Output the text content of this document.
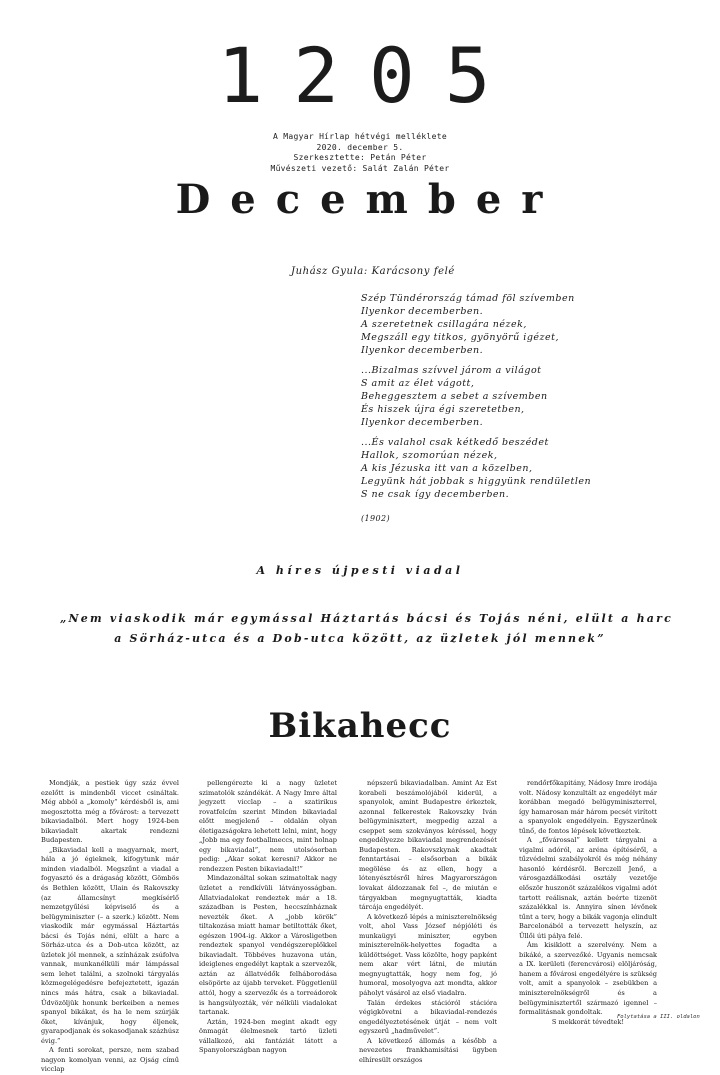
1205
A Magyar Hírlap hétvégi melléklete
2020. december 5.
Szerkesztette: Petán Péter
Művészeti vezető: Salát Zalán Péter
December
Juhász Gyula: Karácsony felé
Szép Tündérország támad föl szívemben
Ilyenkor decemberben.
A szeretetnek csillagára nézek,
Megszáll egy titkos, gyönyörű igézet,
Ilyenkor decemberben.
...Bizalmas szívvel járom a világot
S amit az élet vágott,
Beheggesztem a sebet a szívemben
És hiszek újra égi szeretetben,
Ilyenkor decemberben.
...És valahol csak kétkedő beszédet
Hallok, szomorúan nézek,
A kis Jézuska itt van a közelben,
Legyünk hát jobbak s higgyünk rendületlen
S ne csak így decemberben.
(1902)
A híres újpesti viadal
„Nem viaskodik már egymással Háztartás bácsi és Tojás néni, elült a harc
a Sörház-utca és a Dob-utca között, az üzletek jól mennek”
Bikahecc

Mondják, a pestiek úgy száz évvel ezelőtt is mindenből viccet csináltak. Még abból a „komoly” kérdésből is, ami megosztotta még a fővárost: a tervezett bikaviadalból. Mert hogy 1924-ben bikaviadalt akartak rendezni Budapesten.

„Bikaviadal kell a magyarnak, mert, hála a jó égieknek, kifogytunk már minden viadalból. Megszűnt a viadal a fogyasztó és a drágaság között, Gömbös és Bethlen között, Ulain és Rakovszky (az államcsínyt megkísérlő nemzetgyűlési képviselő és a belügyminiszter (– a szerk.) között. Nem viaskodik már egymással Háztartás bácsi és Tojás néni, elült a harc a Sörház-utca és a Dob-utca között, az üzletek jól mennek, a színházak zsúfolva vannak, munkanélküli már lámpással sem lehet találni, a szolnoki tárgyalás közmegelégedésre befejeztetett, igazán nincs más hátra, csak a bikaviadal. Üdvözöljük honunk berkeiben a nemes spanyol bikákat, és ha le nem szúrják őket, kívánjuk, hogy éljenek, gyarapodjanak és sokasodjanak százhúsz évig.”

A fenti sorokat, persze, nem szabad nagyon komolyan venni, az Ojság című vicclap

pellengérezte ki a nagy üzletet szimatolók szándékát. A Nagy Imre által jegyzett vicclap – a szatirikus rovatfelcím szerint Minden bikaviadal előtt megjelenő – oldalán olyan életigazságokra lehetett lelni, mint, hogy „Jobb ma egy footballmeccs, mint holnap egy bikaviadal”, nem utolsósorban pedig: „Akar sokat keresni? Akkor ne rendezzen Pesten bikaviadalt!”

Mindazonáltal sokan szimatoltak nagy üzletet a rendkívüli látványosságban. Állatviadalokat rendeztek már a 18. században is Pesten, heccszínháznak nevezték őket. A „jobb körök” tiltakozása miatt hamar betiltották őket, egészen 1904-ig. Akkor a Városligetben rendeztek spanyol vendégszereplőkkel bikaviadalt. Többéves huzavona után, ideiglenes engedélyt kaptak a szervezők, aztán az állatvédők felháborodása elsöpörte az újabb terveket. Függetlenül attól, hogy a szervezők és a torreádorok is hangsúlyozták, vér nélküli viadalokat tartanak.

Aztán, 1924-ben megint akadt egy önmagát élelmesnek tartó üzleti vállalkozó, aki fantáziát látott a Spanyolországban nagyon

népszerű bikaviadalban. Amint Az Est korabeli beszámolójából kiderül, a spanyolok, amint Budapestre érkeztek, azonnal felkerestek Rakovszky Iván belügyminisztert, megpedig azzal a cseppet sem szokványos kéréssel, hogy engedélyezze bikaviadal megrendezését Budapesten. Rakovszkynak akadtak fenntartásai – elsősorban a bikák megölése és az ellen, hogy a lótenyésztésről híres Magyarországon lovakat áldozzanak fel –, de miután e tárgyakban megnyugtatták, kiadta tárcája engedélyét.

A következő lépés a miniszterelnökség volt, ahol Vass József népjóléti és munkaügyi miniszter, egyben miniszterelnök-helyettes fogadta a küldöttséget. Vass közölte, hogy papként nem akar vért látni, de miután megnyugtatták, hogy nem fog, jó humoral, mosolyogva azt mondta, akkor páholyt vásárol az első viadalra.

Talán érdekes stációról stációra végigkövetni a bikaviadal-rendezés engedélyeztetésének útját – nem volt egyszerű „hadművelet”.

A következő állomás a később a nevezetes frankhamisítási ügyben elhíresült országos

rendőrfőkapitány, Nádosy Imre irodája volt. Nádosy konzultált az engedélyt már korábban megadó belügyminiszterrel, így hamarosan már három pecsét virított a spanyolok engedélyein. Egyszerűnek tűnő, de fontos lépések következtek.

A „fővárossal” kellett tárgyalni a vigalmi adóról, az aréna építéséről, a tűzvédelmi szabályokról és még néhány hasonló kérdésről. Berczell Jenő, a városgazdálkodási osztály vezetője először huszonöt százalékos vigalmi adót tartott reálisnak, aztán beérte tizenöt százalékkal is. Annyira sínen lévőnek tűnt a terv, hogy a bikák vagonja elindult Barcelonából a tervezett helyszín, az Üllői úti pálya felé.

Ám kisiklott a szerelvény. Nem a bikáké, a szervezőké. Ugyanis nemcsak a IX. kerületi (ferencvárosi) elöljáróság, hanem a fővárosi engedélyére is szükség volt, amit a spanyolok – zsebükben a miniszterelnökségről és a belügyminisztertől származó igennel – formalitásnak gondoltak.

S mekkorát tévedtek!

Folytatása a III. oldalon
